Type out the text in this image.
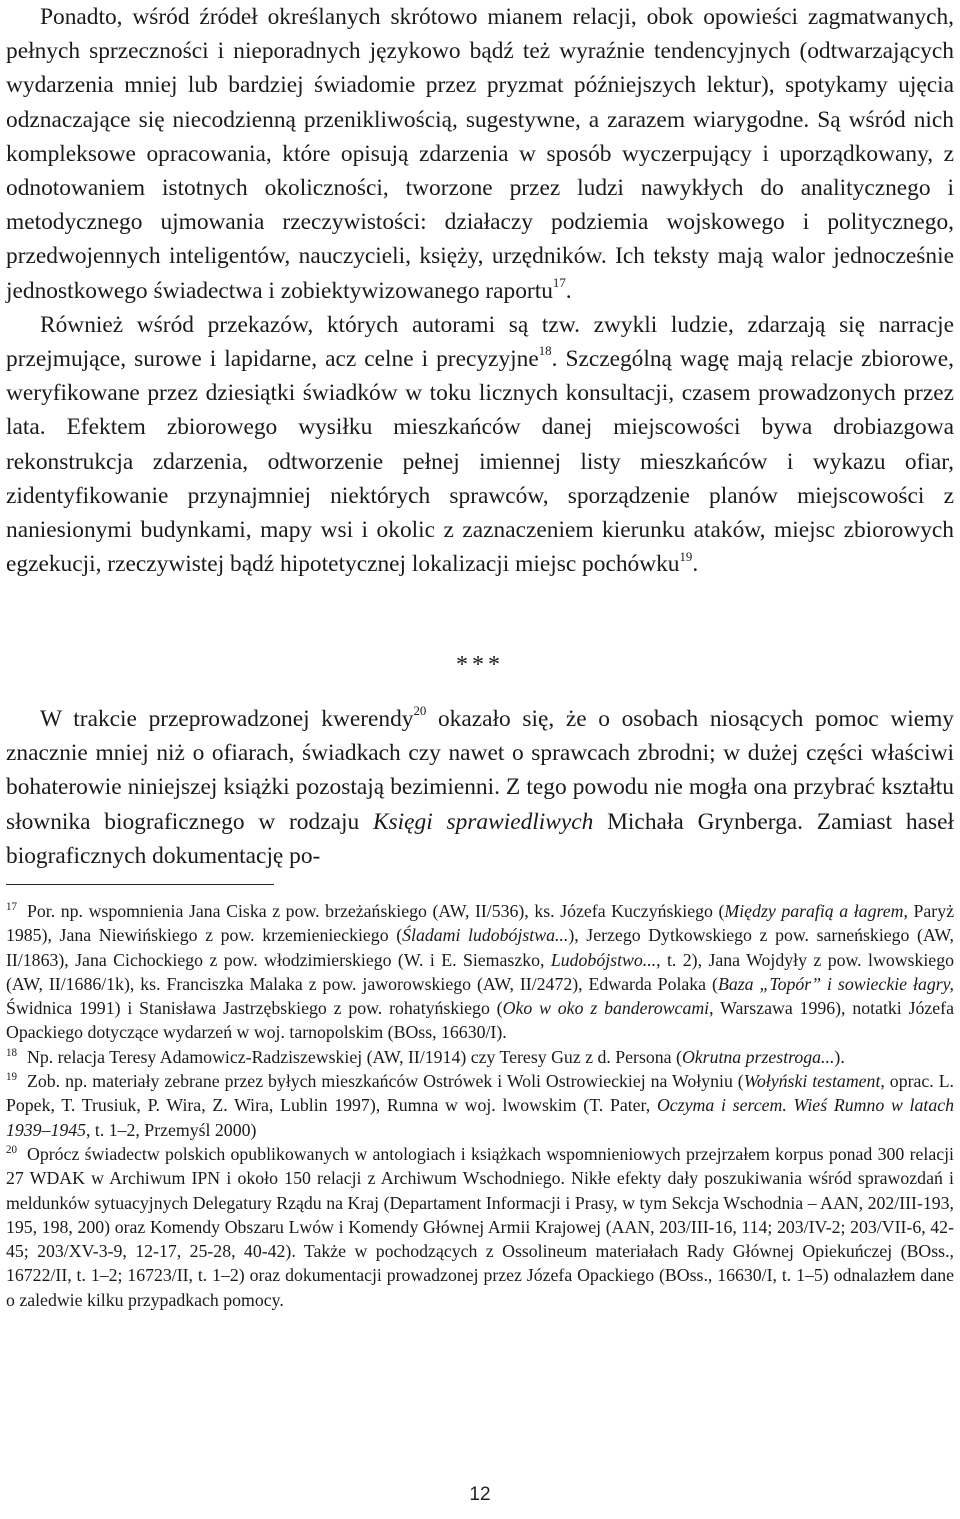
Ponadto, wśród źródeł określanych skrótowo mianem relacji, obok opowieści zagmatwanych, pełnych sprzeczności i nieporadnych językowo bądź też wyraźnie tendencyjnych (odtwarzających wydarzenia mniej lub bardziej świadomie przez pryzmat późniejszych lektur), spotykamy ujęcia odznaczające się niecodzienną przenikliwością, sugestywne, a zarazem wiarygodne. Są wśród nich kompleksowe opracowania, które opisują zdarzenia w sposób wyczerpujący i uporządkowany, z odnotowaniem istotnych okoliczności, tworzone przez ludzi nawykłych do analitycznego i metodycznego ujmowania rzeczywistości: działaczy podziemia wojskowego i politycznego, przedwojennych inteligentów, nauczycieli, księży, urzędników. Ich teksty mają walor jednocześnie jednostkowego świadectwa i zobiektywizowanego raportu$^{17}$.

Również wśród przekazów, których autorami są tzw. zwykli ludzie, zdarzają się narracje przejmujące, surowe i lapidarne, acz celne i precyzyjne$^{18}$. Szczególną wagę mają relacje zbiorowe, weryfikowane przez dziesiątki świadków w toku licznych konsultacji, czasem prowadzonych przez lata. Efektem zbiorowego wysiłku mieszkańców danej miejscowości bywa drobiazgowa rekonstrukcja zdarzenia, odtworzenie pełnej imiennej listy mieszkańców i wykazu ofiar, zidentyfikowanie przynajmniej niektórych sprawców, sporządzenie planów miejscowości z naniesionymi budynkami, mapy wsi i okolic z zaznaczeniem kierunku ataków, miejsc zbiorowych egzekucji, rzeczywistej bądź hipotetycznej lokalizacji miejsc pochówku$^{19}$.

***

W trakcie przeprowadzonej kwerendy$^{20}$ okazało się, że o osobach niosących pomoc wiemy znacznie mniej niż o ofiarach, świadkach czy nawet o sprawcach zbrodni; w dużej części właściwi bohaterowie niniejszej książki pozostają bezimienni. Z tego powodu nie mogła ona przybrać kształtu słownika biograficznego w rodzaju Księgi sprawiedliwych Michała Grynberga. Zamiast haseł biograficznych dokumentację po-

$^{17}$ Por. np. wspomnienia Jana Ciska z pow. brzeżańskiego (AW, II/536), ks. Józefa Kuczyńskiego (Między parafią a łagrem, Paryż 1985), Jana Niewińskiego z pow. krzemienieckiego (Śladami ludobójstwa...), Jerzego Dytkowskiego z pow. sarneńskiego (AW, II/1863), Jana Cichockiego z pow. włodzimierskiego (W. i E. Siemaszko, Ludobójstwo..., t. 2), Jana Wojdyły z pow. lwowskiego (AW, II/1686/1k), ks. Franciszka Malaka z pow. jaworowskiego (AW, II/2472), Edwarda Polaka (Baza „Topór” i sowieckie łagry, Świdnica 1991) i Stanisława Jastrzębskiego z pow. rohatyńskiego (Oko w oko z banderowcami, Warszawa 1996), notatki Józefa Opackiego dotyczące wydarzeń w woj. tarnopolskim (BOss, 16630/I).

$^{18}$ Np. relacja Teresy Adamowicz-Radziszewskiej (AW, II/1914) czy Teresy Guz z d. Persona (Okrutna przestroga...).

$^{19}$ Zob. np. materiały zebrane przez byłych mieszkańców Ostrówek i Woli Ostrowieckiej na Wołyniu (Wołyński testament, oprac. L. Popek, T. Trusiuk, P. Wira, Z. Wira, Lublin 1997), Rumna w woj. lwowskim (T. Pater, Oczyma i sercem. Wieś Rumno w latach 1939–1945, t. 1–2, Przemyśl 2000)

$^{20}$ Oprócz świadectw polskich opublikowanych w antologiach i książkach wspomnieniowych przejrzałem korpus ponad 300 relacji 27 WDAK w Archiwum IPN i około 150 relacji z Archiwum Wschodniego. Nikłe efekty dały poszukiwania wśród sprawozdań i meldunków sytuacyjnych Delegatury Rządu na Kraj (Departament Informacji i Prasy, w tym Sekcja Wschodnia – AAN, 202/III-193, 195, 198, 200) oraz Komendy Obszaru Lwów i Komendy Głównej Armii Krajowej (AAN, 203/III-16, 114; 203/IV-2; 203/VII-6, 42-45; 203/XV-3-9, 12-17, 25-28, 40-42). Także w pochodzących z Ossolineum materiałach Rady Głównej Opiekuńczej (BOss., 16722/II, t. 1–2; 16723/II, t. 1–2) oraz dokumentacji prowadzonej przez Józefa Opackiego (BOss., 16630/I, t. 1–5) odnalazłem dane o zaledwie kilku przypadkach pomocy.

12
